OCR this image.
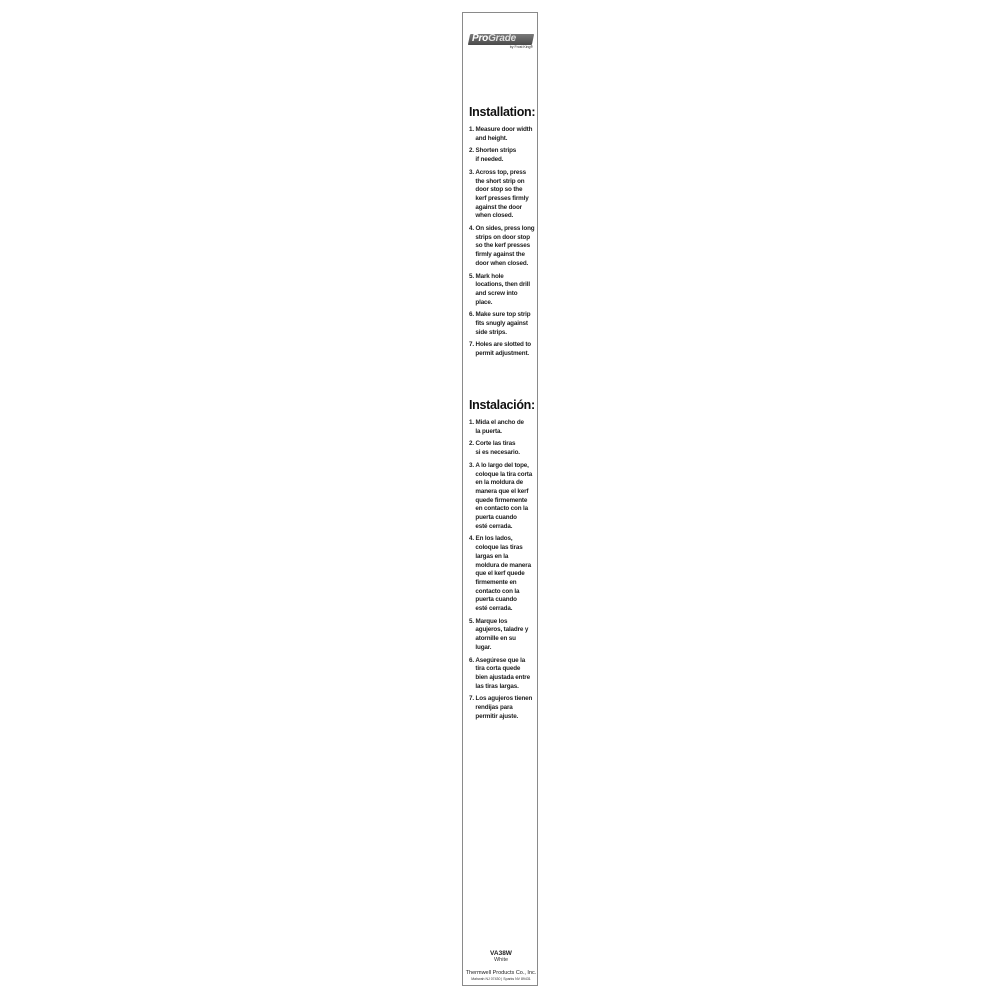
ProGrade
by Frost King®
Installation:
1. Measure door width
and height.
2. Shorten strips
if needed.
3. Across top, press
the short strip on
door stop so the
kerf presses firmly
against the door
when closed.
4. On sides, press long
strips on door stop
so the kerf presses
firmly against the
door when closed.
5. Mark hole
locations, then drill
and screw into
place.
6. Make sure top strip
fits snugly against
side strips.
7. Holes are slotted to
permit adjustment.
Instalación:
1. Mida el ancho de
la puerta.
2. Corte las tiras
si es necesario.
3. A lo largo del tope,
coloque la tira corta
en la moldura de
manera que el kerf
quede firmemente
en contacto con la
puerta cuando
esté cerrada.
4. En los lados,
coloque las tiras
largas en la
moldura de manera
que el kerf quede
firmemente en
contacto con la
puerta cuando
esté cerrada.
5. Marque los
agujeros, taladre y
atornille en su
lugar.
6. Asegúrese que la
tira corta quede
bien ajustada entre
las tiras largas.
7. Los agujeros tienen
rendijas para
permitir ajuste.
VA38W
White
Thermwell Products Co., Inc.
Mahwah NJ 07430 | Sparks NV 89431
